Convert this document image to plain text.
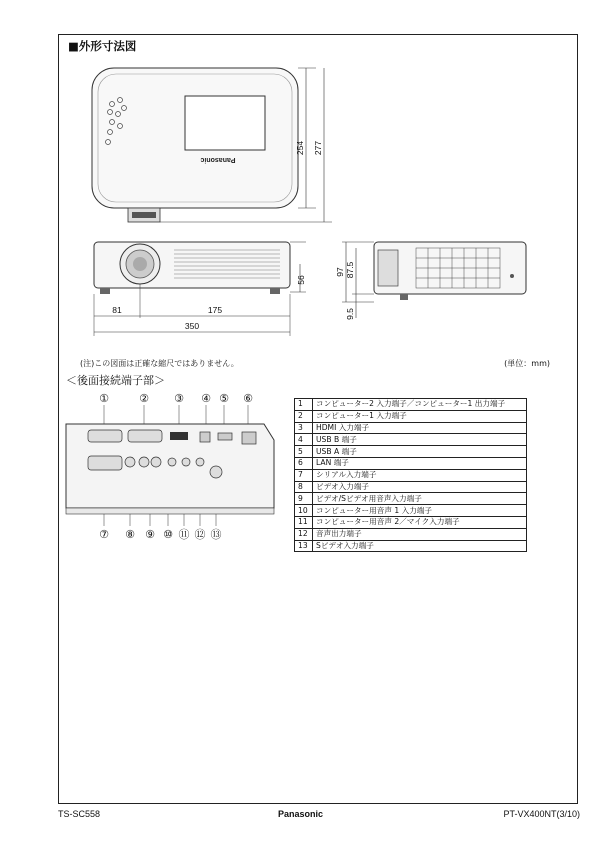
■外形寸法図
Panasonic
254 277
56
81	175
350
97 87.5
9.5
(注)この図面は正確な縮尺ではありません。	(単位：mm)
＜後面接続端子部＞
①	② ③ ④ ⑤ ⑥
⑦ ⑧ ⑨ ⑩ ⑪ ⑫ ⑬
1	コンピューター2 入力端子／コンピューター1 出力端子
2	コンピューター1 入力端子
3	HDMI 入力端子
4	USB B 端子
5	USB A 端子
6	LAN 端子
7	シリアル入力端子
8	ビデオ入力端子
9	ビデオ/Sビデオ用音声入力端子
10	コンピューター用音声 1 入力端子
11	コンピューター用音声 2／マイク入力端子
12	音声出力端子
13	Sビデオ入力端子
TS-SC558	Panasonic	PT-VX400NT(3/10)
